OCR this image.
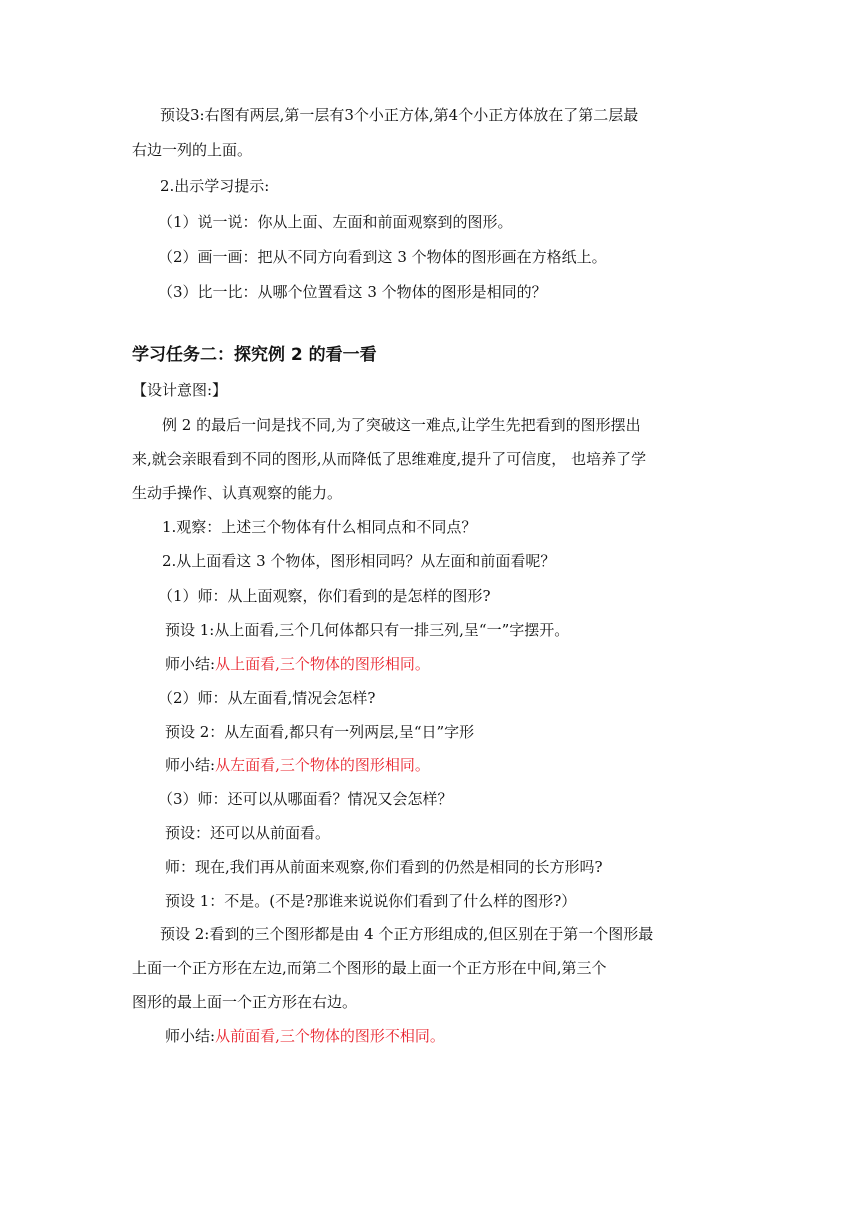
预设3:右图有两层,第一层有3个小正方体,第4个小正方体放在了第二层最
右边一列的上面。
2.出示学习提示:
（1）说一说：你从上面、左面和前面观察到的图形。
（2）画一画：把从不同方向看到这 3 个物体的图形画在方格纸上。
（3）比一比：从哪个位置看这 3 个物体的图形是相同的？
学习任务二：探究例 2 的看一看
【设计意图:】
例 2 的最后一问是找不同,为了突破这一难点,让学生先把看到的图形摆出
来,就会亲眼看到不同的图形,从而降低了思维难度,提升了可信度， 也培养了学
生动手操作、认真观察的能力。
1.观察：上述三个物体有什么相同点和不同点？
2.从上面看这 3 个物体，图形相同吗？从左面和前面看呢？
（1）师：从上面观察，你们看到的是怎样的图形?
预设 1:从上面看,三个几何体都只有一排三列,呈“一”字摆开。
师小结:从上面看,三个物体的图形相同。
（2）师：从左面看,情况会怎样?
预设 2：从左面看,都只有一列两层,呈“日”字形
师小结:从左面看,三个物体的图形相同。
（3）师：还可以从哪面看？情况又会怎样？
预设：还可以从前面看。
师：现在,我们再从前面来观察,你们看到的仍然是相同的长方形吗?
预设 1：不是。(不是?那谁来说说你们看到了什么样的图形?）
预设 2:看到的三个图形都是由 4 个正方形组成的,但区别在于第一个图形最
上面一个正方形在左边,而第二个图形的最上面一个正方形在中间,第三个
图形的最上面一个正方形在右边。
师小结:从前面看,三个物体的图形不相同。
